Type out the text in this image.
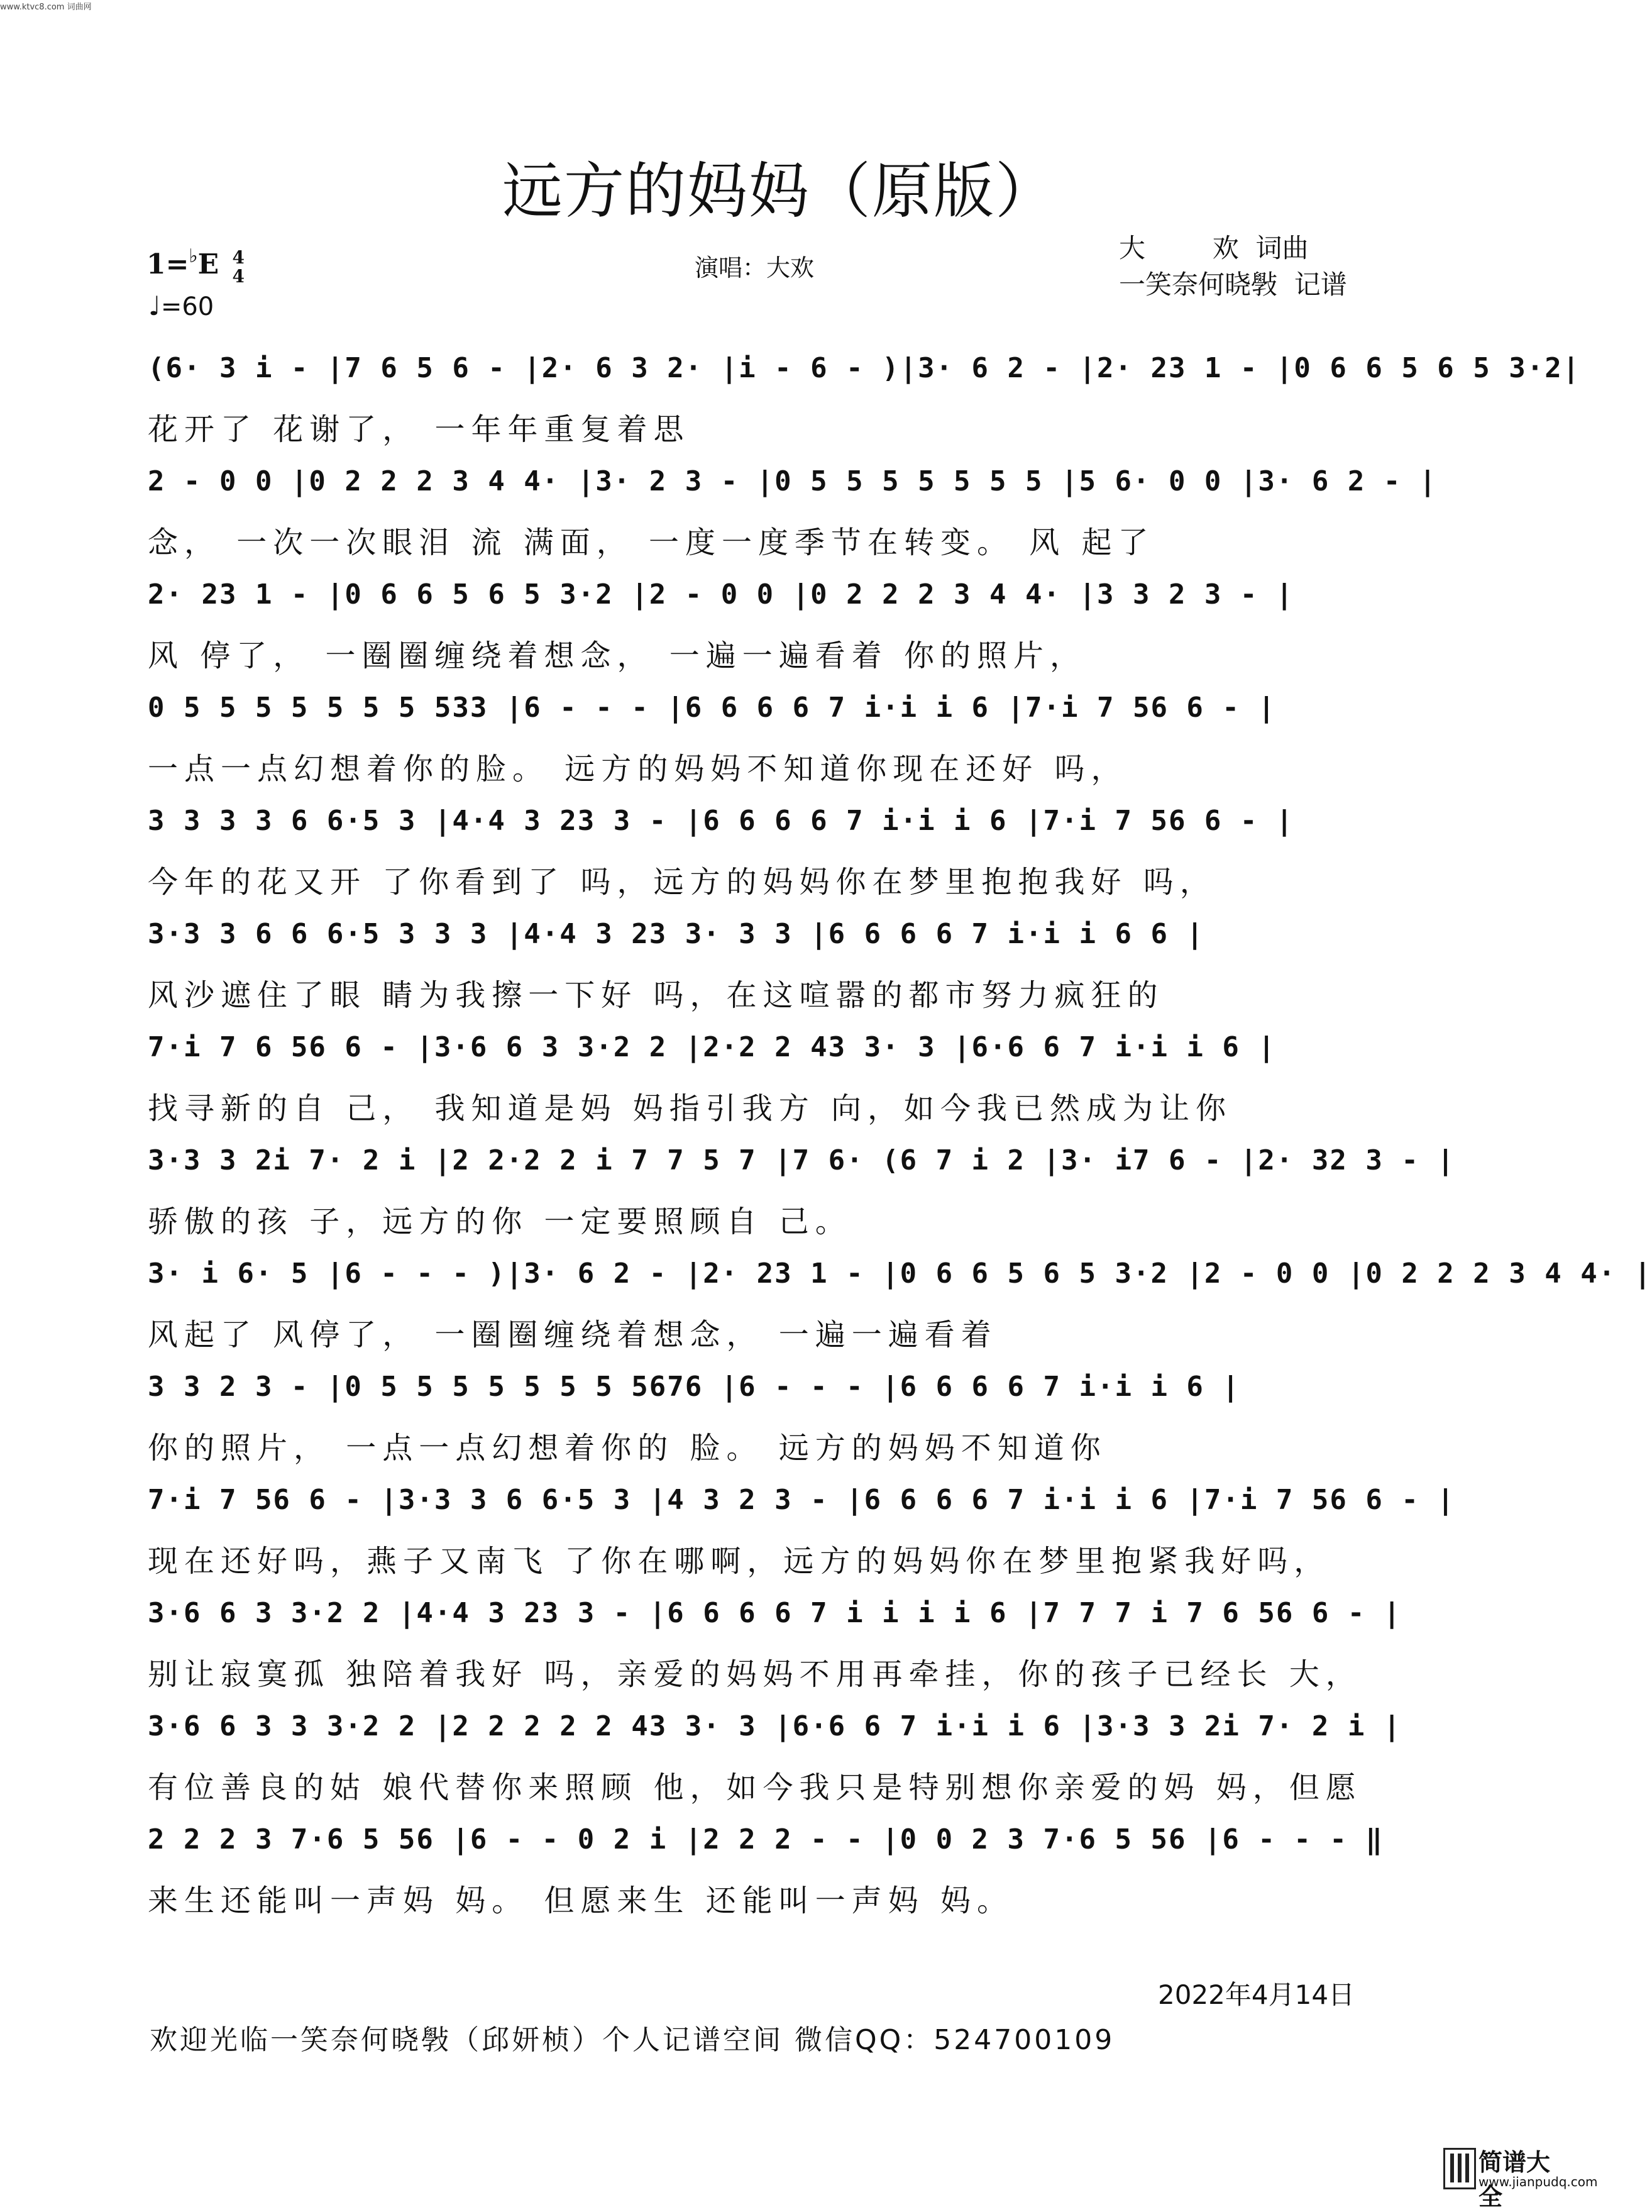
www.ktvc8.com 词曲网
远方的妈妈（原版）
1=♭E 4
4
♩=60
演唱：大欢
大        欢  词曲
一笑奈何晓斅  记谱
(6· 3 i - |7 6 5 6 - |2· 6 3 2· |i - 6 - )|3· 6 2 - |2· 23 1 - |0 6 6 5 6 5 3·2|
花开了 花谢了， 一年年重复着思
2 - 0 0 |0 2 2 2 3 4 4· |3· 2 3 - |0 5 5 5 5 5 5 5 |5 6· 0 0 |3· 6 2 - |
念， 一次一次眼泪 流 满面， 一度一度季节在转变。 风 起了
2· 23 1 - |0 6 6 5 6 5 3·2 |2 - 0 0 |0 2 2 2 3 4 4· |3 3 2 3 - |
风 停了， 一圈圈缠绕着想念， 一遍一遍看着 你的照片，
0 5 5 5 5 5 5 5 533 |6 - - - |6 6 6 6 7 i·i i 6 |7·i 7 56 6 - |
一点一点幻想着你的脸。 远方的妈妈不知道你现在还好 吗，
3 3 3 3 6 6·5 3 |4·4 3 23 3 - |6 6 6 6 7 i·i i 6 |7·i 7 56 6 - |
今年的花又开 了你看到了 吗，远方的妈妈你在梦里抱抱我好 吗，
3·3 3 6 6 6·5 3 3 3 |4·4 3 23 3· 3 3 |6 6 6 6 7 i·i i 6 6 |
风沙遮住了眼 睛为我擦一下好 吗，在这喧嚣的都市努力疯狂的
7·i 7 6 56 6 - |3·6 6 3 3·2 2 |2·2 2 43 3· 3 |6·6 6 7 i·i i 6 |
找寻新的自 己， 我知道是妈 妈指引我方 向，如今我已然成为让你
3·3 3 2i 7· 2 i |2 2·2 2 i 7 7 5 7 |7 6· (6 7 i 2 |3· i7 6 - |2· 32 3 - |
骄傲的孩 子，远方的你 一定要照顾自 己。
3· i 6· 5 |6 - - - )|3· 6 2 - |2· 23 1 - |0 6 6 5 6 5 3·2 |2 - 0 0 |0 2 2 2 3 4 4· |
风起了 风停了， 一圈圈缠绕着想念， 一遍一遍看着
3 3 2 3 - |0 5 5 5 5 5 5 5 5676 |6 - - - |6 6 6 6 7 i·i i 6 |
你的照片， 一点一点幻想着你的 脸。 远方的妈妈不知道你
7·i 7 56 6 - |3·3 3 6 6·5 3 |4 3 2 3 - |6 6 6 6 7 i·i i 6 |7·i 7 56 6 - |
现在还好吗，燕子又南飞 了你在哪啊，远方的妈妈你在梦里抱紧我好吗，
3·6 6 3 3·2 2 |4·4 3 23 3 - |6 6 6 6 7 i i i i 6 |7 7 7 i 7 6 56 6 - |
别让寂寞孤 独陪着我好 吗，亲爱的妈妈不用再牵挂，你的孩子已经长 大，
3·6 6 3 3 3·2 2 |2 2 2 2 2 43 3· 3 |6·6 6 7 i·i i 6 |3·3 3 2i 7· 2 i |
有位善良的姑 娘代替你来照顾 他，如今我只是特别想你亲爱的妈 妈，但愿
2 2 2 3 7·6 5 56 |6 - - 0 2 i |2 2 2 - - |0 0 2 3 7·6 5 56 |6 - - - ‖
来生还能叫一声妈 妈。 但愿来生 还能叫一声妈 妈。
2022年4月14日
欢迎光临一笑奈何晓斅（邱妍桢）个人记谱空间 微信QQ：524700109
简谱大全
www.jianpudq.com
